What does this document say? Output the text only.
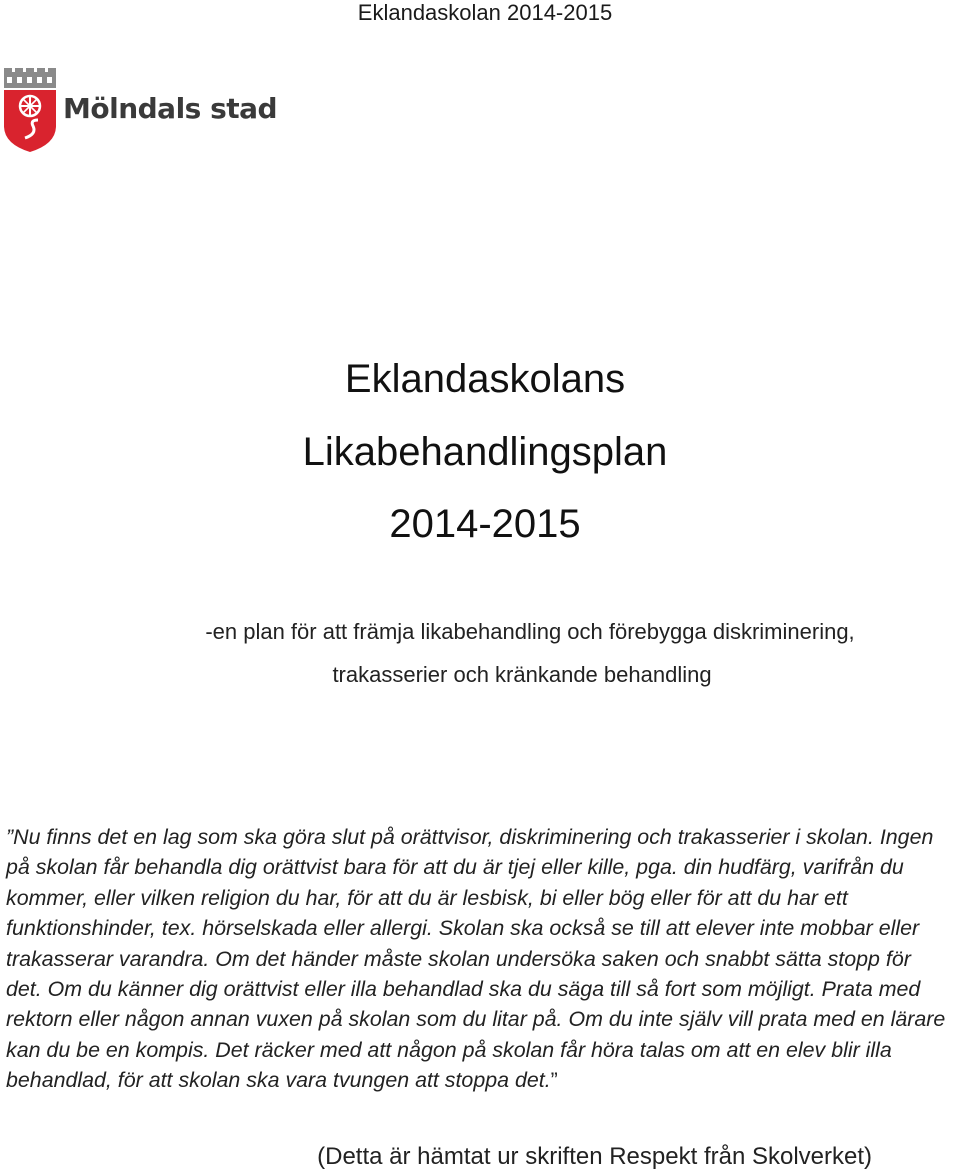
Eklandaskolan 2014-2015
Mölndals stad
Eklandaskolans
Likabehandlingsplan
2014-2015
-en plan för att främja likabehandling och förebygga diskriminering,
trakasserier och kränkande behandling

”Nu finns det en lag som ska göra slut på orättvisor, diskriminering och trakasserier i skolan. Ingen på skolan får behandla dig orättvist bara för att du är tjej eller kille, pga. din hudfärg, varifrån du kommer, eller vilken religion du har, för att du är lesbisk, bi eller bög eller för att du har ett funktionshinder, tex. hörselskada eller allergi. Skolan ska också se till att elever inte mobbar eller trakasserar varandra. Om det händer måste skolan undersöka saken och snabbt sätta stopp för det. Om du känner dig orättvist eller illa behandlad ska du säga till så fort som möjligt. Prata med rektorn eller någon annan vuxen på skolan som du litar på. Om du inte själv vill prata med en lärare kan du be en kompis. Det räcker med att någon på skolan får höra talas om att en elev blir illa behandlad, för att skolan ska vara tvungen att stoppa det.”

(Detta är hämtat ur skriften Respekt från Skolverket)
